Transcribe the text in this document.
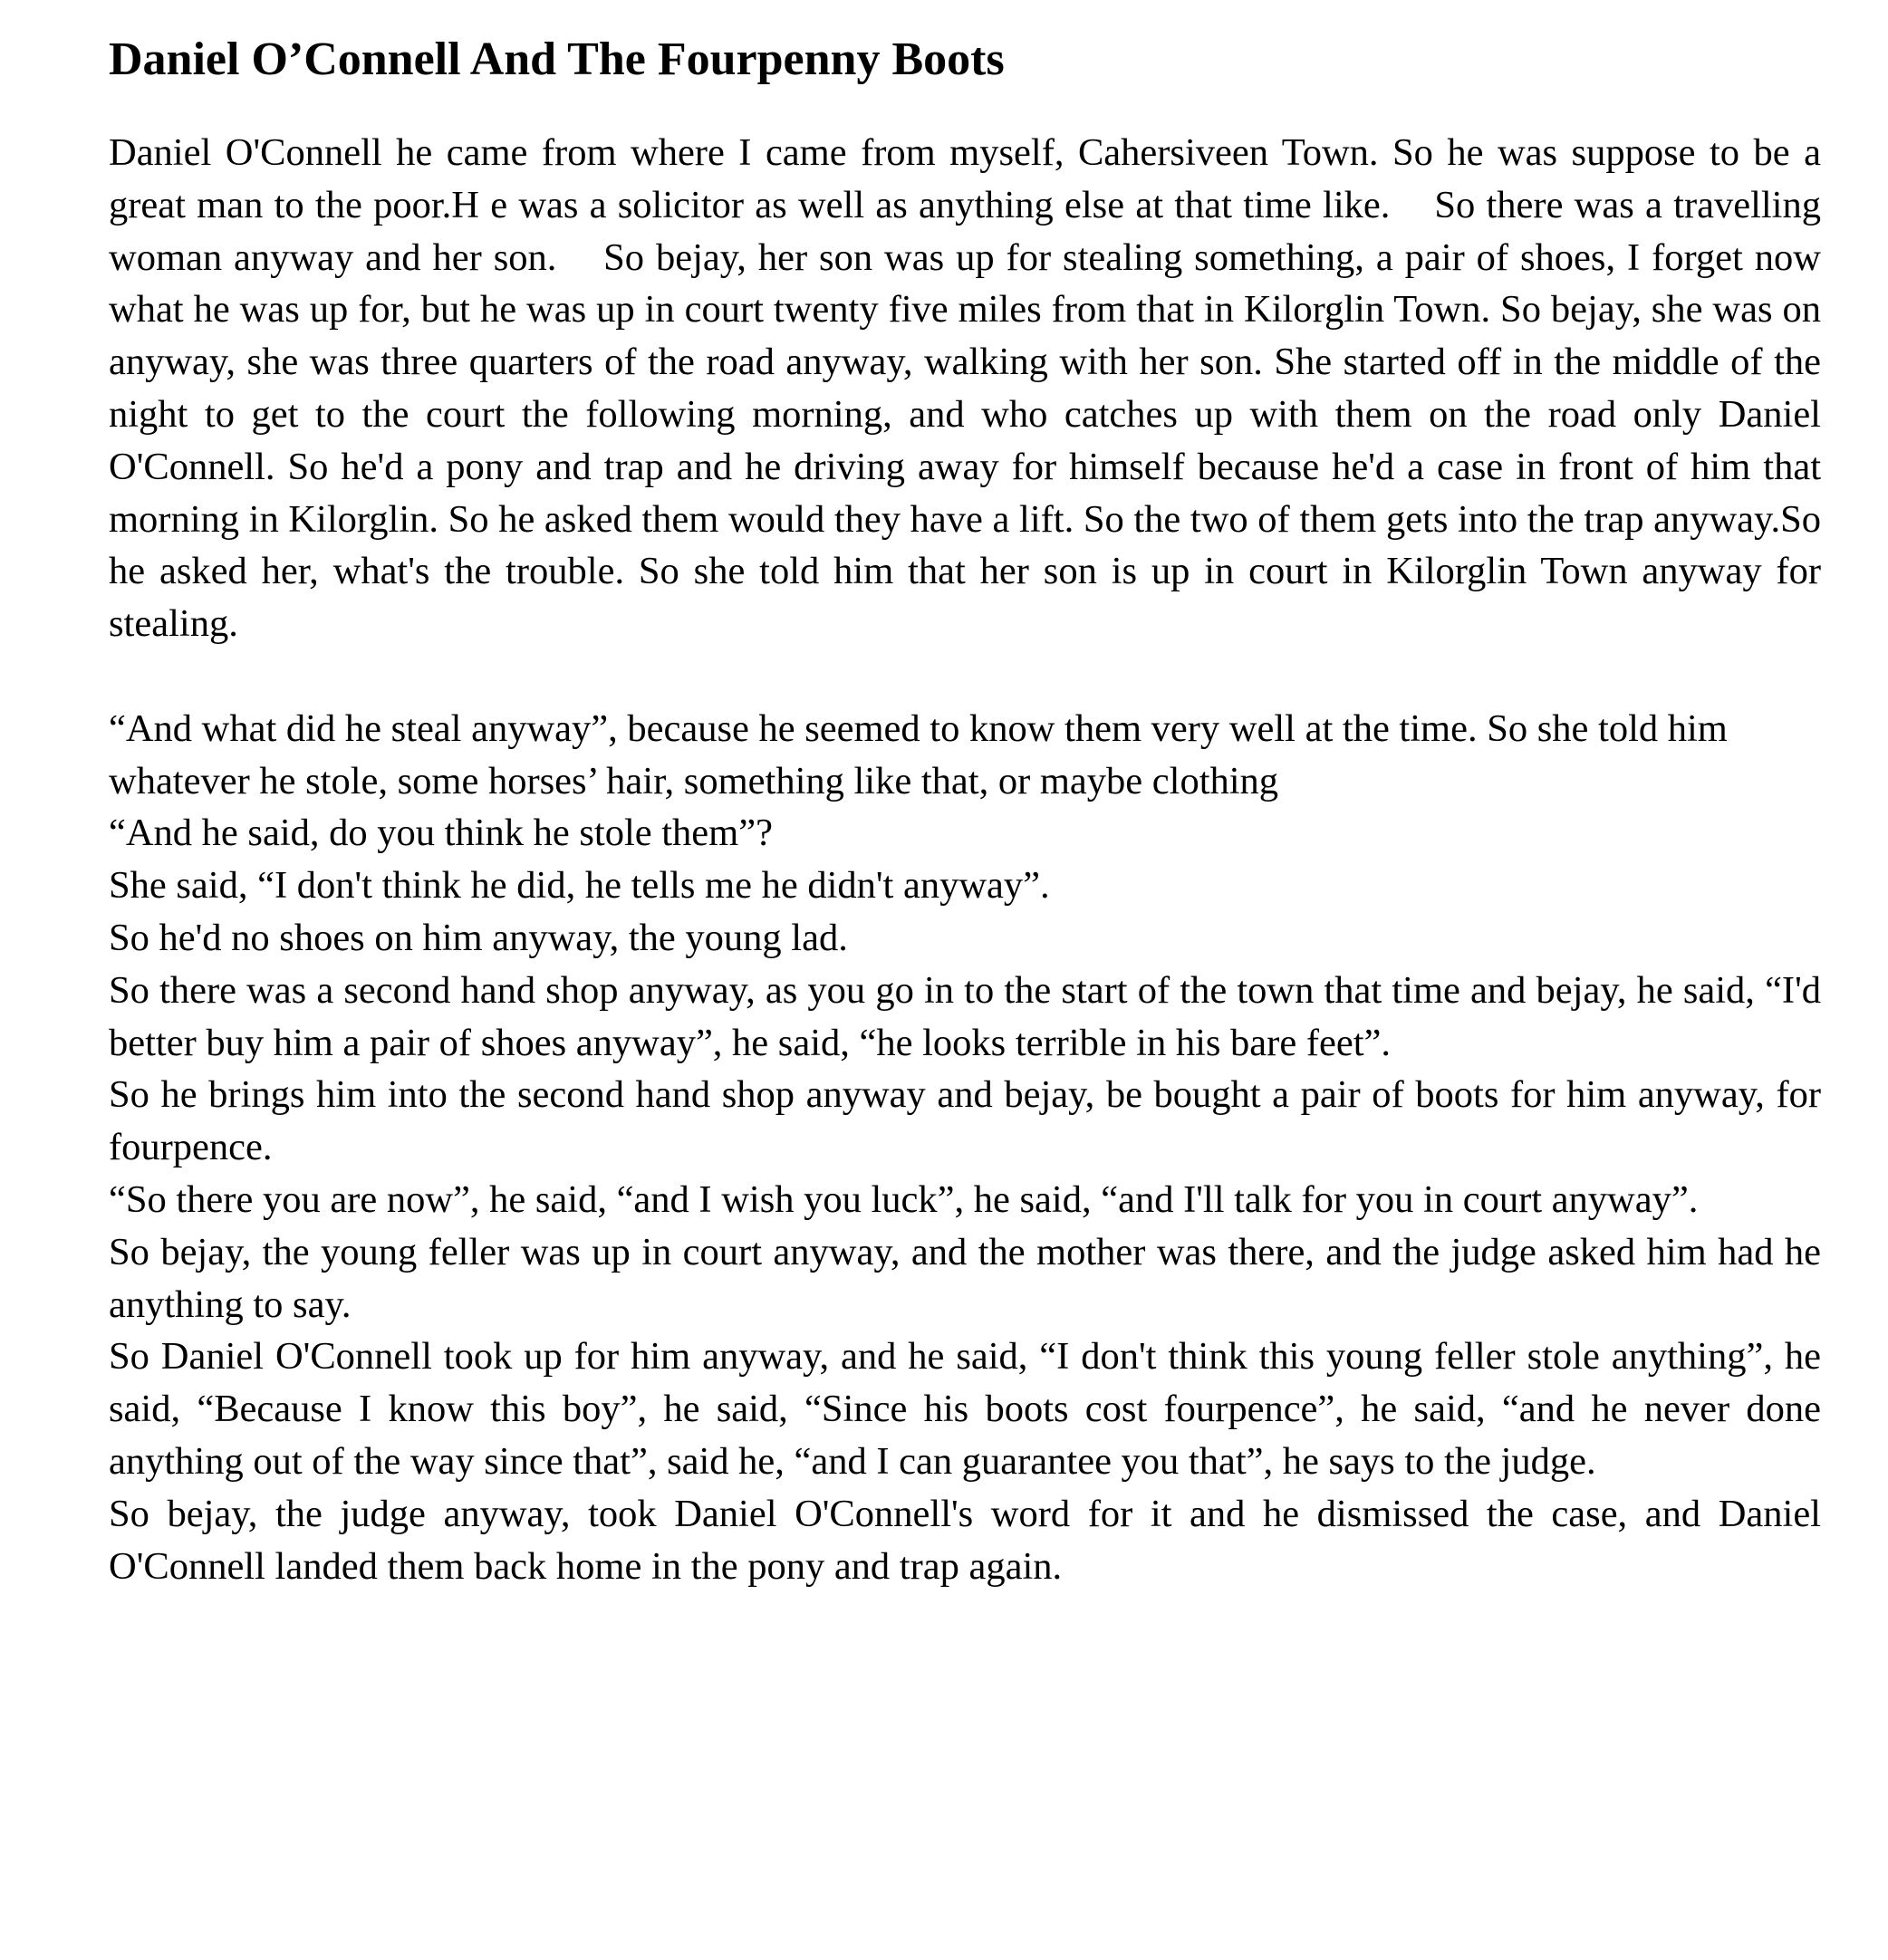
Daniel O’Connell And The Fourpenny Boots

Daniel O'Connell he came from where I came from myself, Cahersiveen Town. So he was suppose to be a great man to the poor.H e was a solicitor as well as anything else at that time like.    So there was a travelling woman anyway and her son.    So bejay, her son was up for stealing something, a pair of shoes, I forget now what he was up for, but he was up in court twenty five miles from that in Kilorglin Town. So bejay, she was on anyway, she was three quarters of the road anyway, walking with her son. She started off in the middle of the night to get to the court the following morning, and who catches up with them on the road only Daniel O'Connell. So he'd a pony and trap and he driving away for himself because he'd a case in front of him that morning in Kilorglin. So he asked them would they have a lift. So the two of them gets into the trap anyway.So he asked her, what's the trouble. So she told him that her son is up in court in Kilorglin Town anyway for stealing.

“And what did he steal anyway”, because he seemed to know them very well at the time. So she told him whatever he stole, some horses’ hair, something like that, or maybe clothing

“And he said, do you think he stole them”?

She said, “I don't think he did, he tells me he didn't anyway”.

So he'd no shoes on him anyway, the young lad.

So there was a second hand shop anyway, as you go in to the start of the town that time and bejay, he said, “I'd better buy him a pair of shoes anyway”, he said, “he looks terrible in his bare feet”.

So he brings him into the second hand shop anyway and bejay, be bought a pair of boots for him anyway, for fourpence.

“So there you are now”, he said, “and I wish you luck”, he said, “and I'll talk for you in court anyway”.

So bejay, the young feller was up in court anyway, and the mother was there, and the judge asked him had he anything to say.

So Daniel O'Connell took up for him anyway, and he said, “I don't think this young feller stole anything”, he said, “Because I know this boy”, he said, “Since his boots cost fourpence”, he said, “and he never done anything out of the way since that”, said he, “and I can guarantee you that”, he says to the judge.

So bejay, the judge anyway, took Daniel O'Connell's word for it and he dismissed the case, and Daniel O'Connell landed them back home in the pony and trap again.
